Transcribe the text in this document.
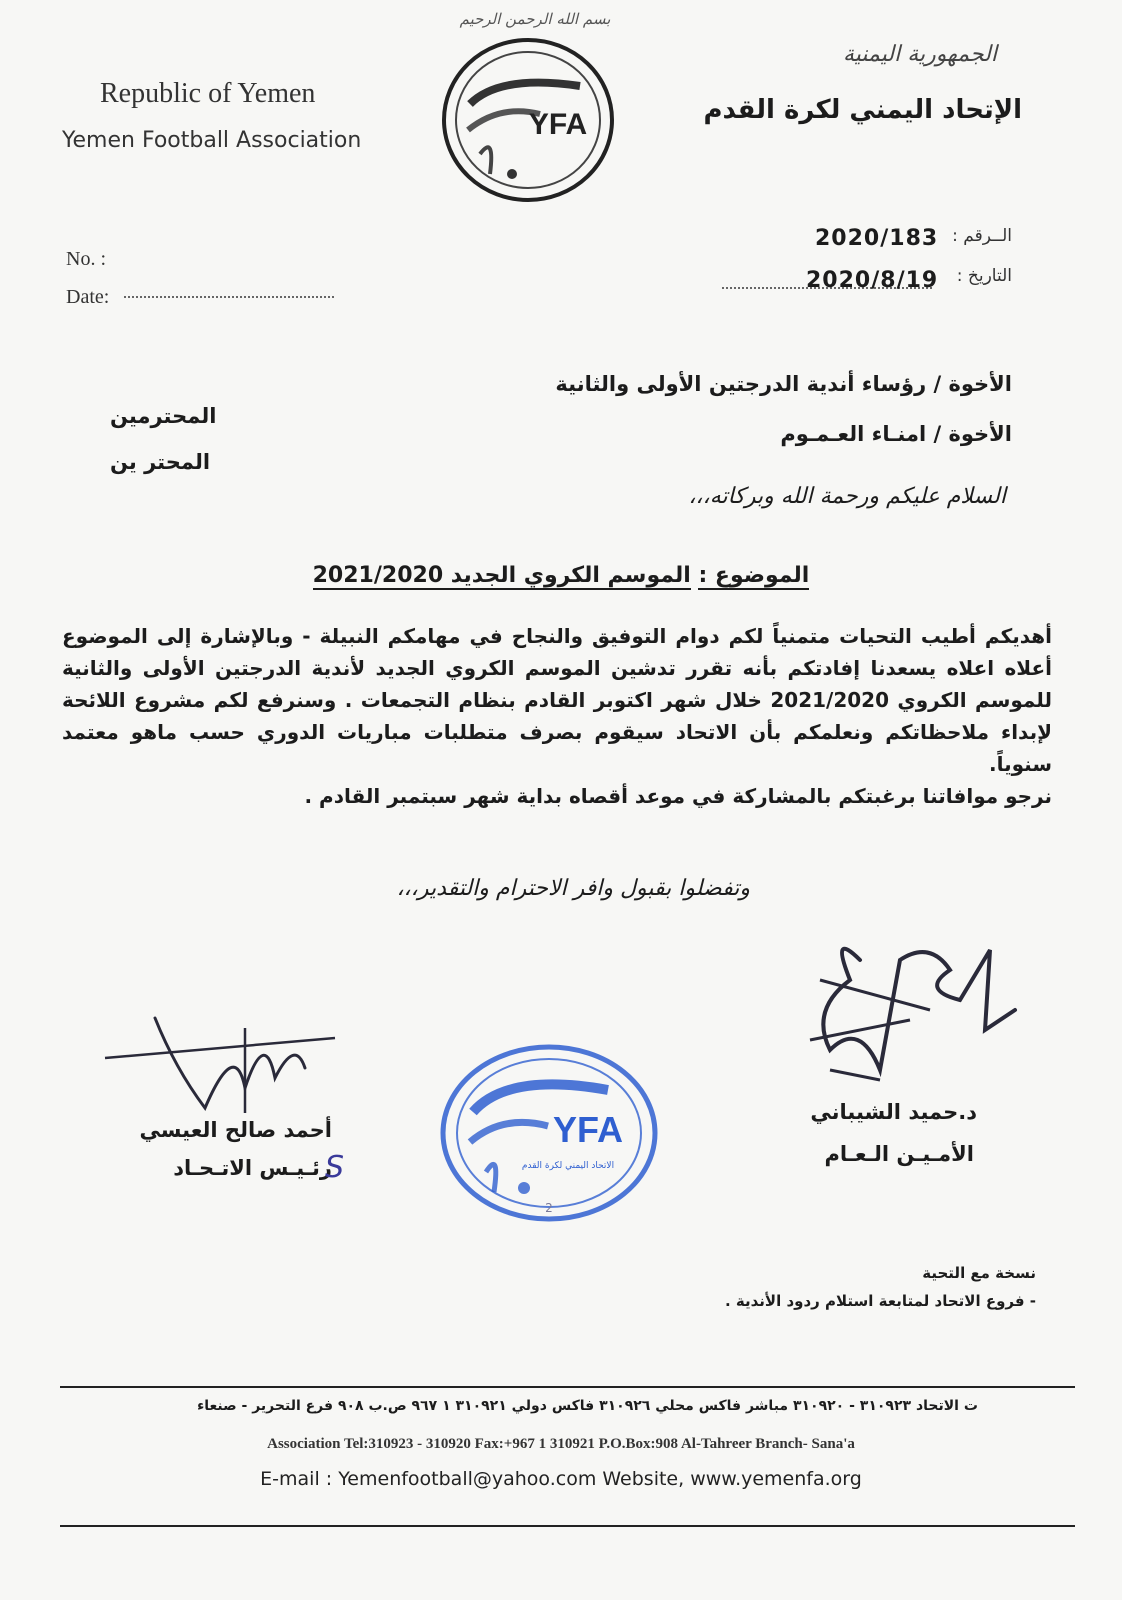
بسم الله الرحمن الرحيم
YFA
Republic of Yemen
Yemen Football Association
الجمهورية اليمنية
الإتحاد اليمني لكرة القدم
No. :
Date:
الــرقم :
التاريخ :
2020/183
2020/8/19
الأخوة / رؤساء أندية الدرجتين الأولى والثانية
الأخوة / امنـاء العـمـوم
المحترمين
المحتر ين
السلام عليكم ورحمة الله وبركاته،،،
الموضوع : الموسم الكروي الجديد 2021/2020

أهديكم أطيب التحيات متمنياً لكم دوام التوفيق والنجاح في مهامكم النبيلة - وبالإشارة إلى الموضوع أعلاه اعلاه يسعدنا إفادتكم بأنه تقرر تدشين الموسم الكروي الجديد لأندية الدرجتين الأولى والثانية للموسم الكروي 2021/2020 خلال شهر اكتوبر القادم بنظام التجمعات . وسنرفع لكم مشروع اللائحة لإبداء ملاحظاتكم ونعلمكم بأن الاتحاد سيقوم بصرف متطلبات مباريات الدوري حسب ماهو معتمد سنوياً.

نرجو موافاتنا برغبتكم بالمشاركة في موعد أقصاه بداية شهر سبتمبر القادم .

وتفضلوا بقبول وافر الاحترام والتقدير،،،
د.حميد الشيباني
الأمـيـن الـعـام
أحمد صالح العيسي
رئـيـس الاتـحـاد
S
YFA
الاتحاد اليمني لكرة القدم
2
نسخة مع التحية
- فروع الاتحاد لمتابعة استلام ردود الأندية .
ت الاتحاد ٣١٠٩٢٣ - ٣١٠٩٢٠ مباشر فاكس محلي ٣١٠٩٢٦ فاكس دولي ٣١٠٩٢١ ١ ٩٦٧ ص.ب ٩٠٨ فرع التحرير - صنعاء
Association Tel:310923 - 310920 Fax:+967 1 310921 P.O.Box:908 Al-Tahreer Branch- Sana'a
E-mail : Yemenfootball@yahoo.com Website, www.yemenfa.org
